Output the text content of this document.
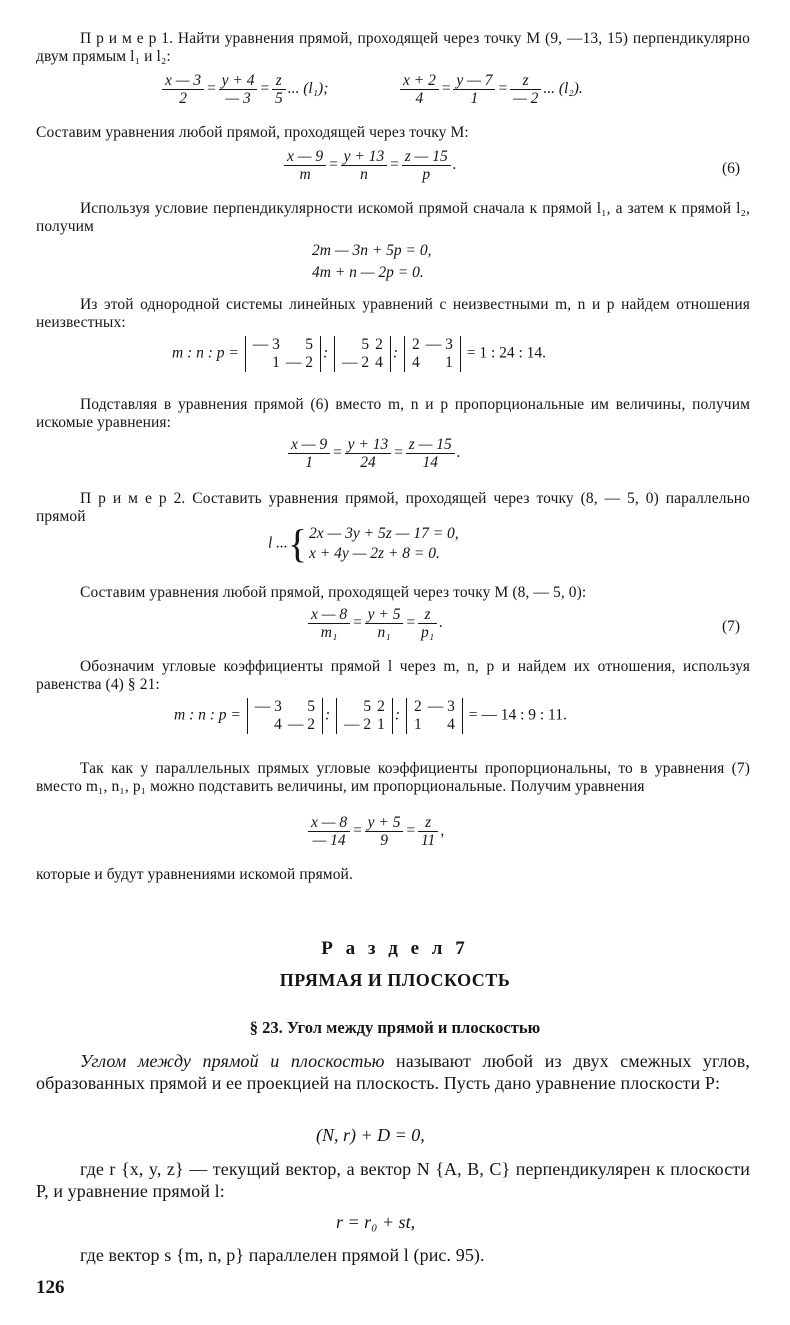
П р и м е р 1. Найти уравнения прямой, проходящей через точку M (9, —13, 15) перпендикулярно двум прямым l₁ и l₂:
$\frac{x — 3}{2} = \frac{y + 4}{— 3} = \frac{z}{5}$ ... (l₁);	$\frac{x + 2}{4} = \frac{y — 7}{1} = \frac{z}{— 2}$ ... (l₂).
Составим уравнения любой прямой, проходящей через точку M:
$\frac{x — 9}{m} = \frac{y + 13}{n} = \frac{z — 15}{p}$ .	(6)
Используя условие перпендикулярности искомой прямой сначала к прямой l₁, а затем к прямой l₂, получим
2m — 3n + 5p = 0,
4m + n — 2p = 0.
Из этой однородной системы линейных уравнений с неизвестными m, n и p найдем отношения неизвестных:
m : n : p =
— 3	5
1	— 2
:
5	2
— 2	4
:
2	— 3
4	1
= 1 : 24 : 14.
Подставляя в уравнения прямой (6) вместо m, n и p пропорциональные им величины, получим искомые уравнения:
$\frac{x — 9}{1} = \frac{y + 13}{24} = \frac{z — 15}{14}$ .
П р и м е р 2. Составить уравнения прямой, проходящей через точку (8, — 5, 0) параллельно прямой
l ...{ 2x — 3y + 5z — 17 = 0,
x + 4y — 2z + 8 = 0.
Составим уравнения любой прямой, проходящей через точку M (8, — 5, 0):
$\frac{x — 8}{\text{m₁}} = \frac{y + 5}{\text{n₁}} = \frac{z}{\text{p₁}}$ .	(7)
Обозначим угловые коэффициенты прямой l через m, n, p и найдем их отношения, используя равенства (4) § 21:
m : n : p =
— 3	5
4	— 2
:
5	2
— 2	1
:
2	— 3
1	4
= — 14 : 9 : 11.
Так как у параллельных прямых угловые коэффициенты пропорциональны, то в уравнения (7) вместо m₁, n₁, p₁ можно подставить величины, им пропорциональные. Получим уравнения
$\frac{x — 8}{— 14} = \frac{y + 5}{9} = \frac{z}{11}$ ,
которые и будут уравнениями искомой прямой.
Р а з д е л 7
ПРЯМАЯ И ПЛОСКОСТЬ
§ 23. Угол между прямой и плоскостью
Углом между прямой и плоскостью называют любой из двух смежных углов, образованных прямой и ее проекцией на плоскость. Пусть дано уравнение плоскости P:
(N, r) + D = 0,
где r {x, y, z} — текущий вектор, а вектор N {A, B, C} перпендикулярен к плоскости P, и уравнение прямой l:
r = r₀ + st,
где вектор s {m, n, p} параллелен прямой l (рис. 95).
126
